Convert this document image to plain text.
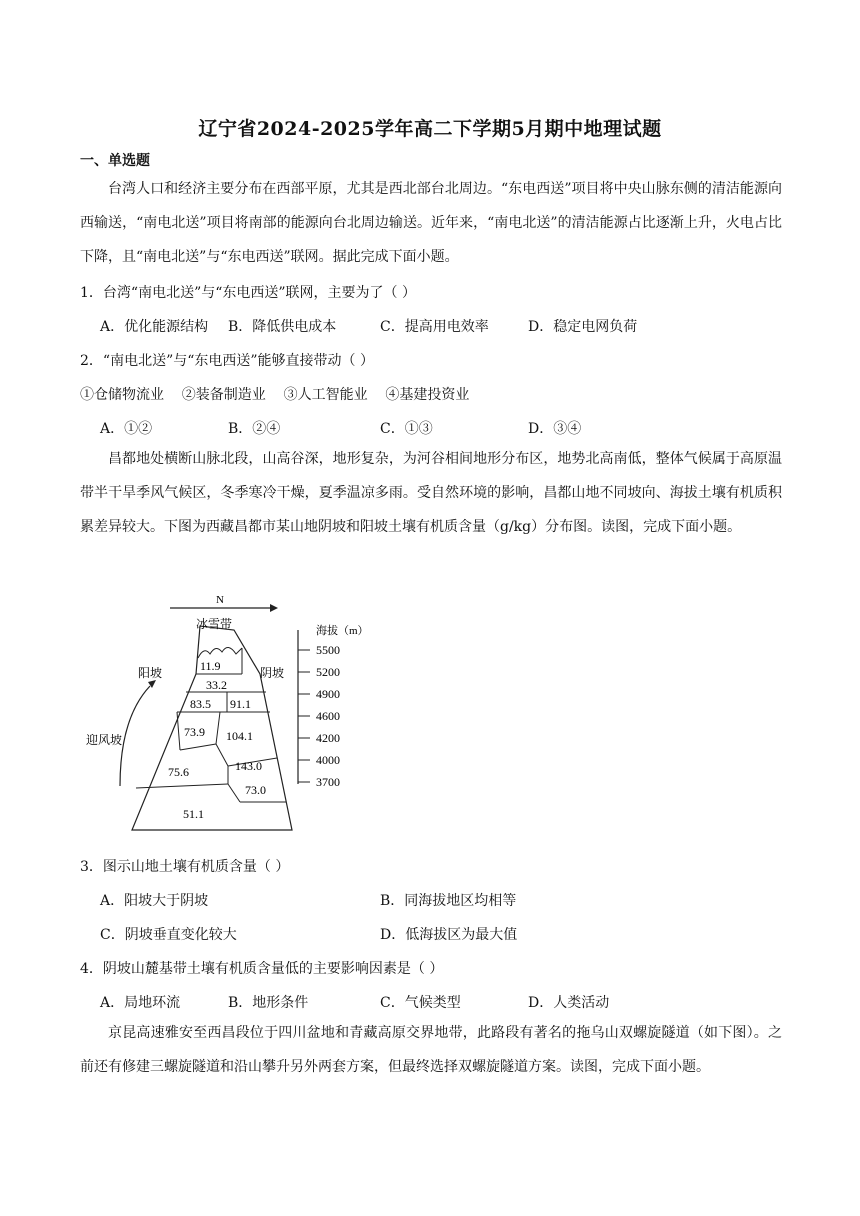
辽宁省2024-2025学年高二下学期5月期中地理试题
一、单选题

台湾人口和经济主要分布在西部平原，尤其是西北部台北周边。“东电西送”项目将中央山脉东侧的清洁能源向西输送，“南电北送”项目将南部的能源向台北周边输送。近年来，“南电北送”的清洁能源占比逐渐上升，火电占比下降，且“南电北送”与“东电西送”联网。据此完成下面小题。

1．台湾“南电北送”与“东电西送”联网，主要为了（ ）
A．优化能源结构 B．降低供电成本	C．提高用电效率	D．稳定电网负荷
2．“南电北送”与“东电西送”能够直接带动（ ）
①仓储物流业    ②装备制造业    ③人工智能业    ④基建投资业
A．①②	B．②④	C．①③	D．③④

昌都地处横断山脉北段，山高谷深，地形复杂，为河谷相间地形分布区，地势北高南低，整体气候属于高原温带半干旱季风气候区，冬季寒冷干燥，夏季温凉多雨。受自然环境的影响，昌都山地不同坡向、海拔土壤有机质积累差异较大。下图为西藏昌都市某山地阴坡和阳坡土壤有机质含量（g/kg）分布图。读图，完成下面小题。

N
冰雪带
阳坡	阴坡
迎风坡
11.9
33.2
83.5 91.1
73.9 104.1
143.0
75.6
73.0
51.1
海拔（m）
5500
5200
4900
4600
4200
4000
3700
3．图示山地土壤有机质含量（ ）
A．阳坡大于阴坡	B．同海拔地区均相等
C．阴坡垂直变化较大	D．低海拔区为最大值
4．阴坡山麓基带土壤有机质含量低的主要影响因素是（ ）
A．局地环流	B．地形条件	C．气候类型	D．人类活动

京昆高速雅安至西昌段位于四川盆地和青藏高原交界地带，此路段有著名的拖乌山双螺旋隧道（如下图）。之前还有修建三螺旋隧道和沿山攀升另外两套方案，但最终选择双螺旋隧道方案。读图，完成下面小题。
